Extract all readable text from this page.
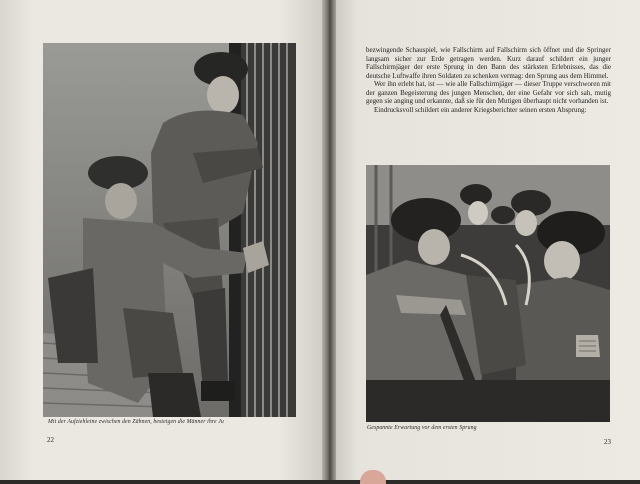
Mit der Aufziehleine zwischen den Zähnen, besteigen die Männer ihre Ju
22

bezwingende Schauspiel, wie Fallschirm auf Fallschirm sich öffnet und die Springer langsam sicher zur Erde getragen werden. Kurz darauf schildert ein junger Fallschirmjäger der erste Sprung in den Bann des stärksten Erlebnisses, das die deutsche Luftwaffe ihren Soldaten zu schenken vermag: den Sprung aus dem Himmel.

Wer ihn erlebt hat, ist — wie alle Fallschirmjäger — dieser Truppe verschworen mit der ganzen Begeisterung des jungen Menschen, der eine Gefahr vor sich sah, mutig gegen sie anging und erkannte, daß sie für den Mutigen überhaupt nicht vorhanden ist.

Eindrucksvoll schildert ein anderer Kriegsberichter seinen ersten Absprung:

Gespannte Erwartung vor dem ersten Sprung
23
